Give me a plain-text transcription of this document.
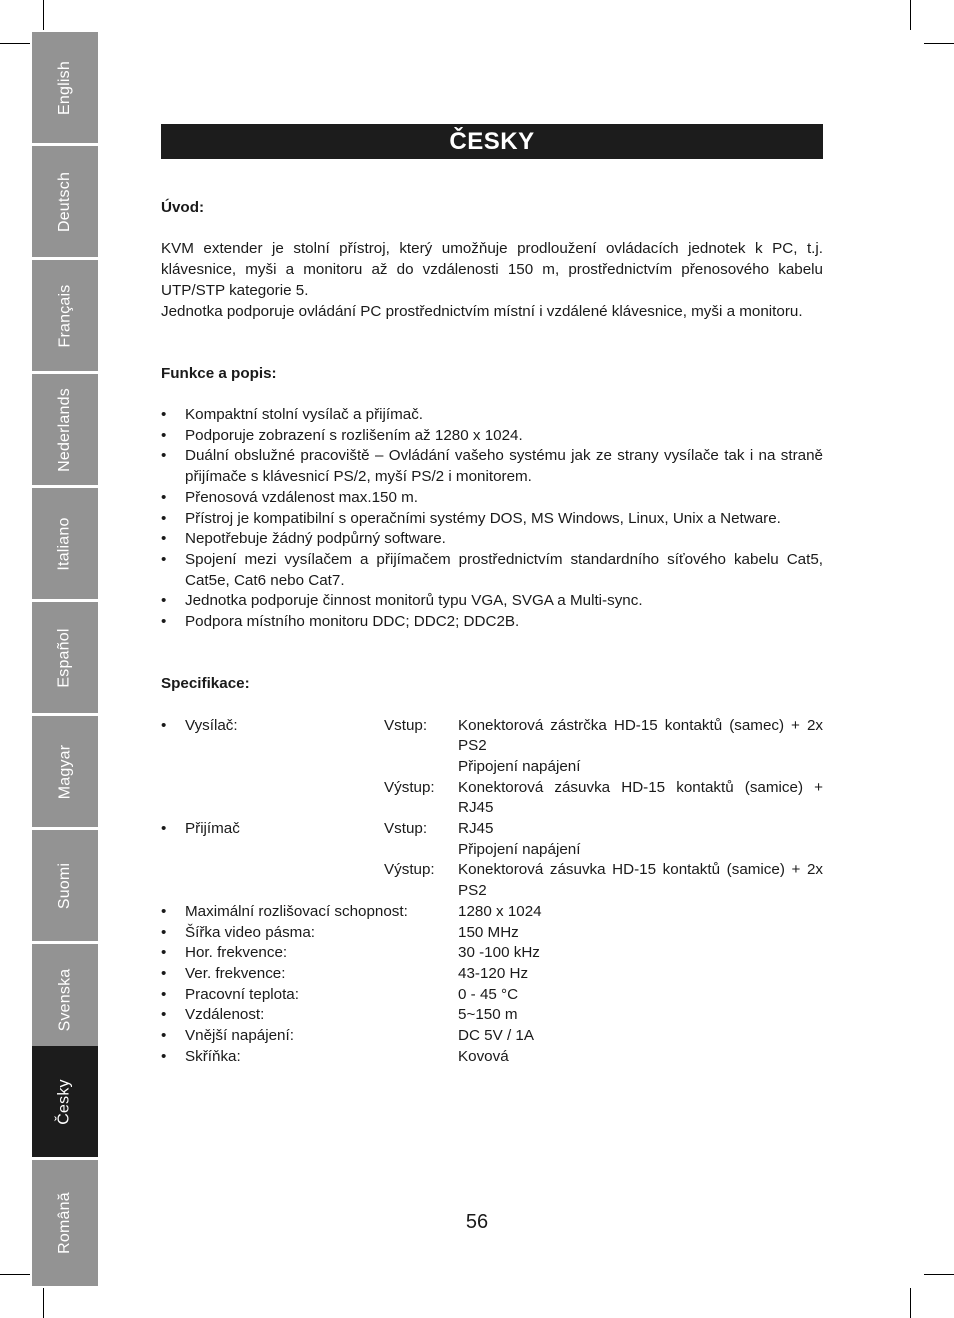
English
Deutsch
Français
Nederlands
Italiano
Español
Magyar
Suomi
Svenska
Česky
Română
ČESKY
Úvod:

KVM extender je stolní přístroj, který umožňuje prodloužení ovládacích jednotek k PC, t.j. klávesnice, myši a monitoru až do vzdálenosti 150 m, prostřednictvím přenosového kabelu UTP/STP kategorie 5.

Jednotka podporuje ovládání PC prostřednictvím místní i vzdálené klávesnice, myši a monitoru.

Funkce a popis:
• Kompaktní stolní vysílač a přijímač.
• Podporuje zobrazení s rozlišením až 1280 x 1024.
• Duální obslužné pracoviště – Ovládání vašeho systému jak ze strany vysílače tak i na straně přijímače s klávesnicí PS/2, myší PS/2 i monitorem.
• Přenosová vzdálenost max.150 m.
• Přístroj je kompatibilní s operačními systémy DOS, MS Windows, Linux, Unix a Netware.
• Nepotřebuje žádný podpůrný software.
• Spojení mezi vysílačem a přijímačem prostřednictvím standardního síťového kabelu Cat5, Cat5e, Cat6 nebo Cat7.
• Jednotka podporuje činnost monitorů typu VGA, SVGA a Multi-sync.
• Podpora místního monitoru DDC; DDC2; DDC2B.
Specifikace:
• Vysílač:	Vstup:	Konektorová zástrčka HD-15 kontaktů (samec) + 2x PS2
Připojení napájení
Výstup:	Konektorová zásuvka HD-15 kontaktů (samice) + RJ45
• Přijímač	Vstup:	RJ45
Připojení napájení
Výstup:	Konektorová zásuvka HD-15 kontaktů (samice) + 2x PS2
• Maximální rozlišovací schopnost:	1280 x 1024
• Šířka video pásma:	150 MHz
• Hor. frekvence:	30 -100 kHz
• Ver. frekvence:	43-120 Hz
• Pracovní teplota:	0 - 45 °C
• Vzdálenost:	5~150 m
• Vnější napájení:	DC 5V / 1A
• Skříňka:	Kovová
56
